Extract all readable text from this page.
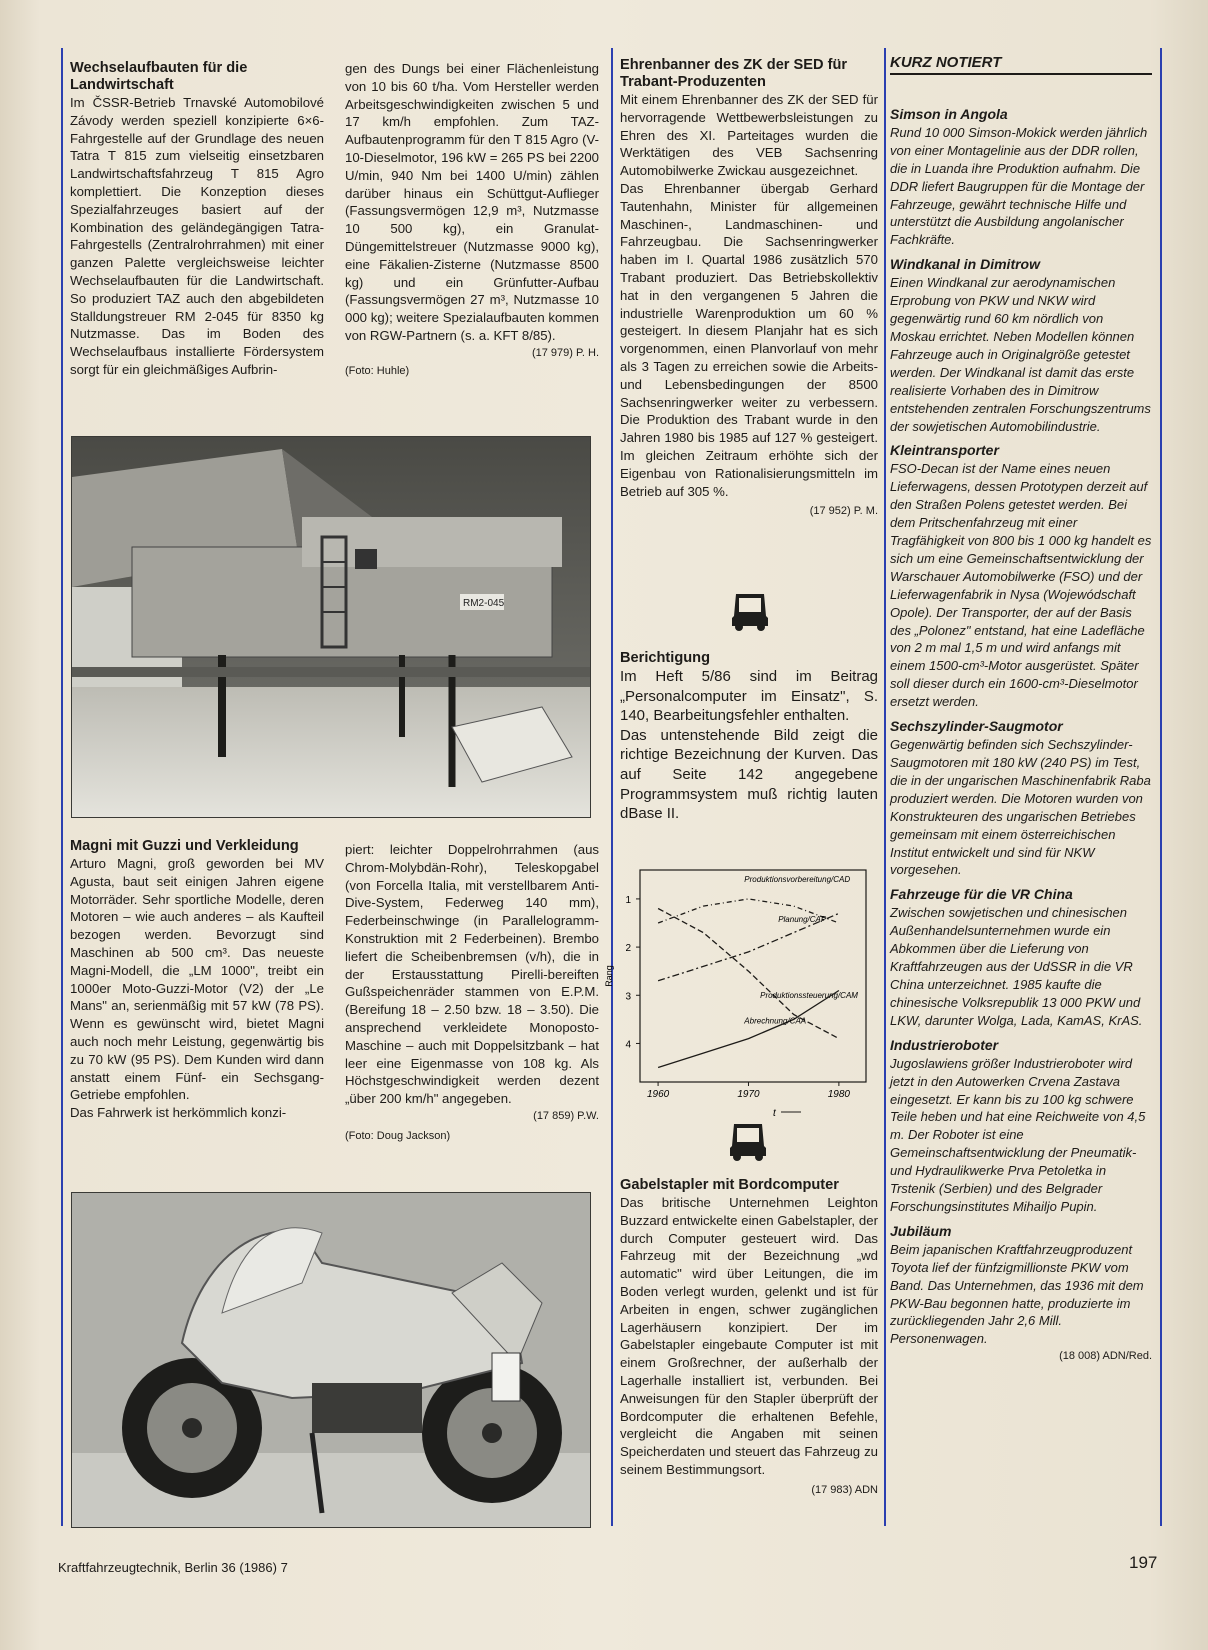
Wechselaufbauten für die Landwirtschaft

Im ČSSR-Betrieb Trnavské Automobilové Závody werden speziell konzipierte 6×6-Fahrgestelle auf der Grundlage des neuen Tatra T 815 zum vielseitig einsetzbaren Landwirtschaftsfahrzeug T 815 Agro komplettiert. Die Konzeption dieses Spezialfahrzeuges basiert auf der Kombination des geländegängigen Tatra-Fahrgestells (Zentralrohrrahmen) mit einer ganzen Palette vergleichsweise leichter Wechselaufbauten für die Landwirtschaft. So produziert TAZ auch den abgebildeten Stalldungstreuer RM 2-045 für 8350 kg Nutzmasse. Das im Boden des Wechselaufbaus installierte Fördersystem sorgt für ein gleichmäßiges Aufbrin-

gen des Dungs bei einer Flächenleistung von 10 bis 60 t/ha. Vom Hersteller werden Arbeitsgeschwindigkeiten zwischen 5 und 17 km/h empfohlen. Zum TAZ-Aufbautenprogramm für den T 815 Agro (V-10-Dieselmotor, 196 kW = 265 PS bei 2200 U/min, 940 Nm bei 1400 U/min) zählen darüber hinaus ein Schüttgut-Auflieger (Fassungsvermögen 12,9 m³, Nutzmasse 10 500 kg), ein Granulat-Düngemittelstreuer (Nutzmasse 9000 kg), eine Fäkalien-Zisterne (Nutzmasse 8500 kg) und ein Grünfutter-Aufbau (Fassungsvermögen 27 m³, Nutzmasse 10 000 kg); weitere Spezialaufbauten kommen von RGW-Partnern (s. a. KFT 8/85).

(17 979) P. H.

(Foto: Huhle)

RM2-045

Magni mit Guzzi und Verkleidung

Arturo Magni, groß geworden bei MV Agusta, baut seit einigen Jahren eigene Motorräder. Sehr sportliche Modelle, deren Motoren – wie auch anderes – als Kaufteil bezogen werden. Bevorzugt sind Maschinen ab 500 cm³. Das neueste Magni-Modell, die „LM 1000", treibt ein 1000er Moto-Guzzi-Motor (V2) der „Le Mans" an, serienmäßig mit 57 kW (78 PS). Wenn es gewünscht wird, bietet Magni auch noch mehr Leistung, gegenwärtig bis zu 70 kW (95 PS). Dem Kunden wird dann anstatt einem Fünf- ein Sechsgang-Getriebe empfohlen.

Das Fahrwerk ist herkömmlich konzi-

piert: leichter Doppelrohrrahmen (aus Chrom-Molybdän-Rohr), Teleskopgabel (von Forcella Italia, mit verstellbarem Anti-Dive-System, Federweg 140 mm), Federbeinschwinge (in Parallelogramm-Konstruktion mit 2 Federbeinen). Brembo liefert die Scheibenbremsen (v/h), die in der Erstausstattung Pirelli-bereiften Gußspeichenräder stammen von E.P.M. (Bereifung 18 – 2.50 bzw. 18 – 3.50). Die ansprechend verkleidete Monoposto-Maschine – auch mit Doppelsitzbank – hat leer eine Eigenmasse von 108 kg. Als Höchstgeschwindigkeit werden dezent „über 200 km/h" angegeben.

(17 859) P.W.

(Foto: Doug Jackson)

Ehrenbanner des ZK der SED für Trabant-Produzenten

Mit einem Ehrenbanner des ZK der SED für hervorragende Wettbewerbsleistungen zu Ehren des XI. Parteitages wurden die Werktätigen des VEB Sachsenring Automobilwerke Zwickau ausgezeichnet.

Das Ehrenbanner übergab Gerhard Tautenhahn, Minister für allgemeinen Maschinen-, Landmaschinen- und Fahrzeugbau. Die Sachsenringwerker haben im I. Quartal 1986 zusätzlich 570 Trabant produziert. Das Betriebskollektiv hat in den vergangenen 5 Jahren die industrielle Warenproduktion um 60 % gesteigert. In diesem Planjahr hat es sich vorgenommen, einen Planvorlauf von mehr als 3 Tagen zu erreichen sowie die Arbeits- und Lebensbedingungen der 8500 Sachsenringwerker weiter zu verbessern. Die Produktion des Trabant wurde in den Jahren 1980 bis 1985 auf 127 % gesteigert. Im gleichen Zeitraum erhöhte sich der Eigenbau von Rationalisierungsmitteln im Betrieb auf 305 %.

(17 952) P. M.

Berichtigung

Im Heft 5/86 sind im Beitrag „Personalcomputer im Einsatz", S. 140, Bearbeitungsfehler enthalten.

Das untenstehende Bild zeigt die richtige Bezeichnung der Kurven. Das auf Seite 142 angegebene Programmsystem muß richtig lauten dBase II.

1
2
3
4
1960	1970	1980
Rang
t
Produktionsvorbereitung/CAD
Planung/CAP
Produktionssteuerung/CAM
Abrechnung/CAA

Gabelstapler mit Bordcomputer

Das britische Unternehmen Leighton Buzzard entwickelte einen Gabelstapler, der durch Computer gesteuert wird. Das Fahrzeug mit der Bezeichnung „wd automatic" wird über Leitungen, die im Boden verlegt wurden, gelenkt und ist für Arbeiten in engen, schwer zugänglichen Lagerhäusern konzipiert. Der im Gabelstapler eingebaute Computer ist mit einem Großrechner, der außerhalb der Lagerhalle installiert ist, verbunden. Bei Anweisungen für den Stapler überprüft der Bordcomputer die erhaltenen Befehle, vergleicht die Angaben mit seinen Speicherdaten und steuert das Fahrzeug zu seinem Bestimmungsort.

(17 983) ADN

KURZ NOTIERT
Simson in Angola

Rund 10 000 Simson-Mokick werden jährlich von einer Montagelinie aus der DDR rollen, die in Luanda ihre Produktion aufnahm. Die DDR liefert Baugruppen für die Montage der Fahrzeuge, gewährt technische Hilfe und unterstützt die Ausbildung angolanischer Fachkräfte.

Windkanal in Dimitrow

Einen Windkanal zur aerodynamischen Erprobung von PKW und NKW wird gegenwärtig rund 60 km nördlich von Moskau errichtet. Neben Modellen können Fahrzeuge auch in Originalgröße getestet werden. Der Windkanal ist damit das erste realisierte Vorhaben des in Dimitrow entstehenden zentralen Forschungszentrums der sowjetischen Automobilindustrie.

Kleintransporter

FSO-Decan ist der Name eines neuen Lieferwagens, dessen Prototypen derzeit auf den Straßen Polens getestet werden. Bei dem Pritschenfahrzeug mit einer Tragfähigkeit von 800 bis 1 000 kg handelt es sich um eine Gemeinschaftsentwicklung der Warschauer Automobilwerke (FSO) und der Lieferwagenfabrik in Nysa (Wojewódschaft Opole). Der Transporter, der auf der Basis des „Polonez" entstand, hat eine Ladefläche von 2 m mal 1,5 m und wird anfangs mit einem 1500-cm³-Motor ausgerüstet. Später soll dieser durch ein 1600-cm³-Dieselmotor ersetzt werden.

Sechszylinder-Saugmotor

Gegenwärtig befinden sich Sechszylinder-Saugmotoren mit 180 kW (240 PS) im Test, die in der ungarischen Maschinenfabrik Raba produziert werden. Die Motoren wurden von Konstrukteuren des ungarischen Betriebes gemeinsam mit einem österreichischen Institut entwickelt und sind für NKW vorgesehen.

Fahrzeuge für die VR China

Zwischen sowjetischen und chinesischen Außenhandelsunternehmen wurde ein Abkommen über die Lieferung von Kraftfahrzeugen aus der UdSSR in die VR China unterzeichnet. 1985 kaufte die chinesische Volksrepublik 13 000 PKW und LKW, darunter Wolga, Lada, KamAS, KrAS.

Industrieroboter

Jugoslawiens größer Industrieroboter wird jetzt in den Autowerken Crvena Zastava eingesetzt. Er kann bis zu 100 kg schwere Teile heben und hat eine Reichweite von 4,5 m. Der Roboter ist eine Gemeinschaftsentwicklung der Pneumatik- und Hydraulikwerke Prva Petoletka in Trstenik (Serbien) und des Belgrader Forschungsinstitutes Mihailjo Pupin.

Jubiläum

Beim japanischen Kraftfahrzeugproduzent Toyota lief der fünfzigmillionste PKW vom Band. Das Unternehmen, das 1936 mit dem PKW-Bau begonnen hatte, produzierte im zurückliegenden Jahr 2,6 Mill. Personenwagen.

(18 008) ADN/Red.

Kraftfahrzeugtechnik, Berlin 36 (1986) 7	197
